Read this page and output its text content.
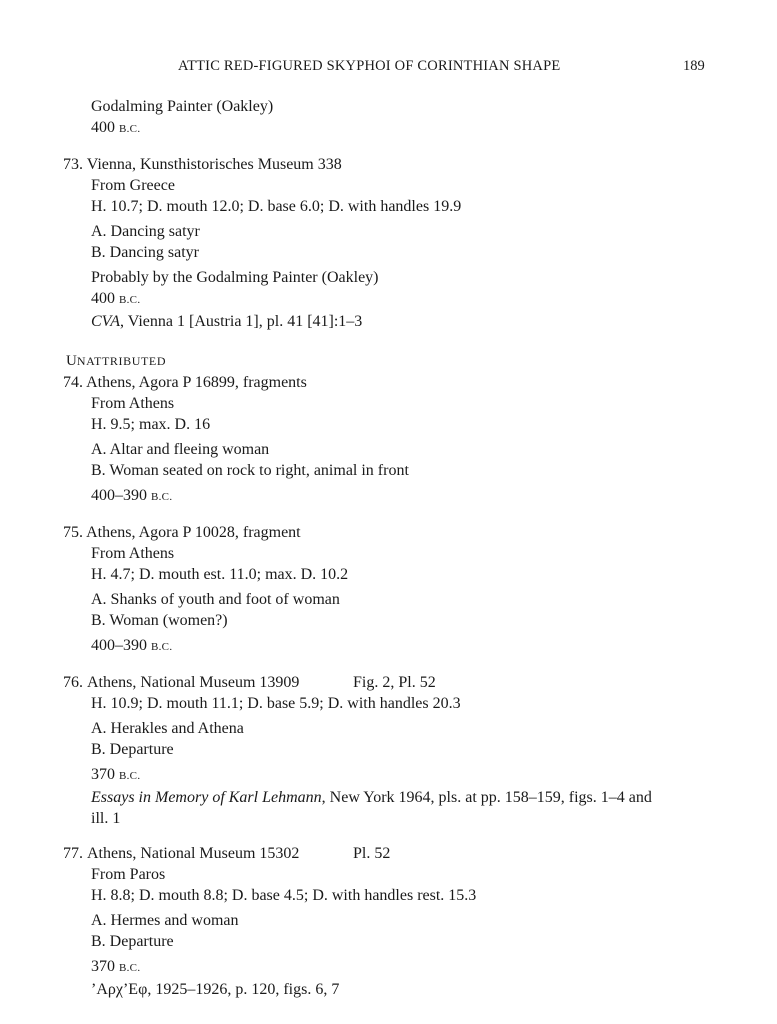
ATTIC RED-FIGURED SKYPHOI OF CORINTHIAN SHAPE	189
Godalming Painter (Oakley)
400 B.C.
73. Vienna, Kunsthistorisches Museum 338
From Greece
H. 10.7; D. mouth 12.0; D. base 6.0; D. with handles 19.9
A. Dancing satyr
B. Dancing satyr
Probably by the Godalming Painter (Oakley)
400 B.C.
CVA, Vienna 1 [Austria 1], pl. 41 [41]:1–3
UNATTRIBUTED
74. Athens, Agora P 16899, fragments
From Athens
H. 9.5; max. D. 16
A. Altar and fleeing woman
B. Woman seated on rock to right, animal in front
400–390 B.C.
75. Athens, Agora P 10028, fragment
From Athens
H. 4.7; D. mouth est. 11.0; max. D. 10.2
A. Shanks of youth and foot of woman
B. Woman (women?)
400–390 B.C.
76. Athens, National Museum 13909	Fig. 2, Pl. 52
H. 10.9; D. mouth 11.1; D. base 5.9; D. with handles 20.3
A. Herakles and Athena
B. Departure
370 B.C.
Essays in Memory of Karl Lehmann, New York 1964, pls. at pp. 158–159, figs. 1–4 and
ill. 1
77. Athens, National Museum 15302	Pl. 52
From Paros
H. 8.8; D. mouth 8.8; D. base 4.5; D. with handles rest. 15.3
A. Hermes and woman
B. Departure
370 B.C.
’Αρχ’Εφ, 1925–1926, p. 120, figs. 6, 7
